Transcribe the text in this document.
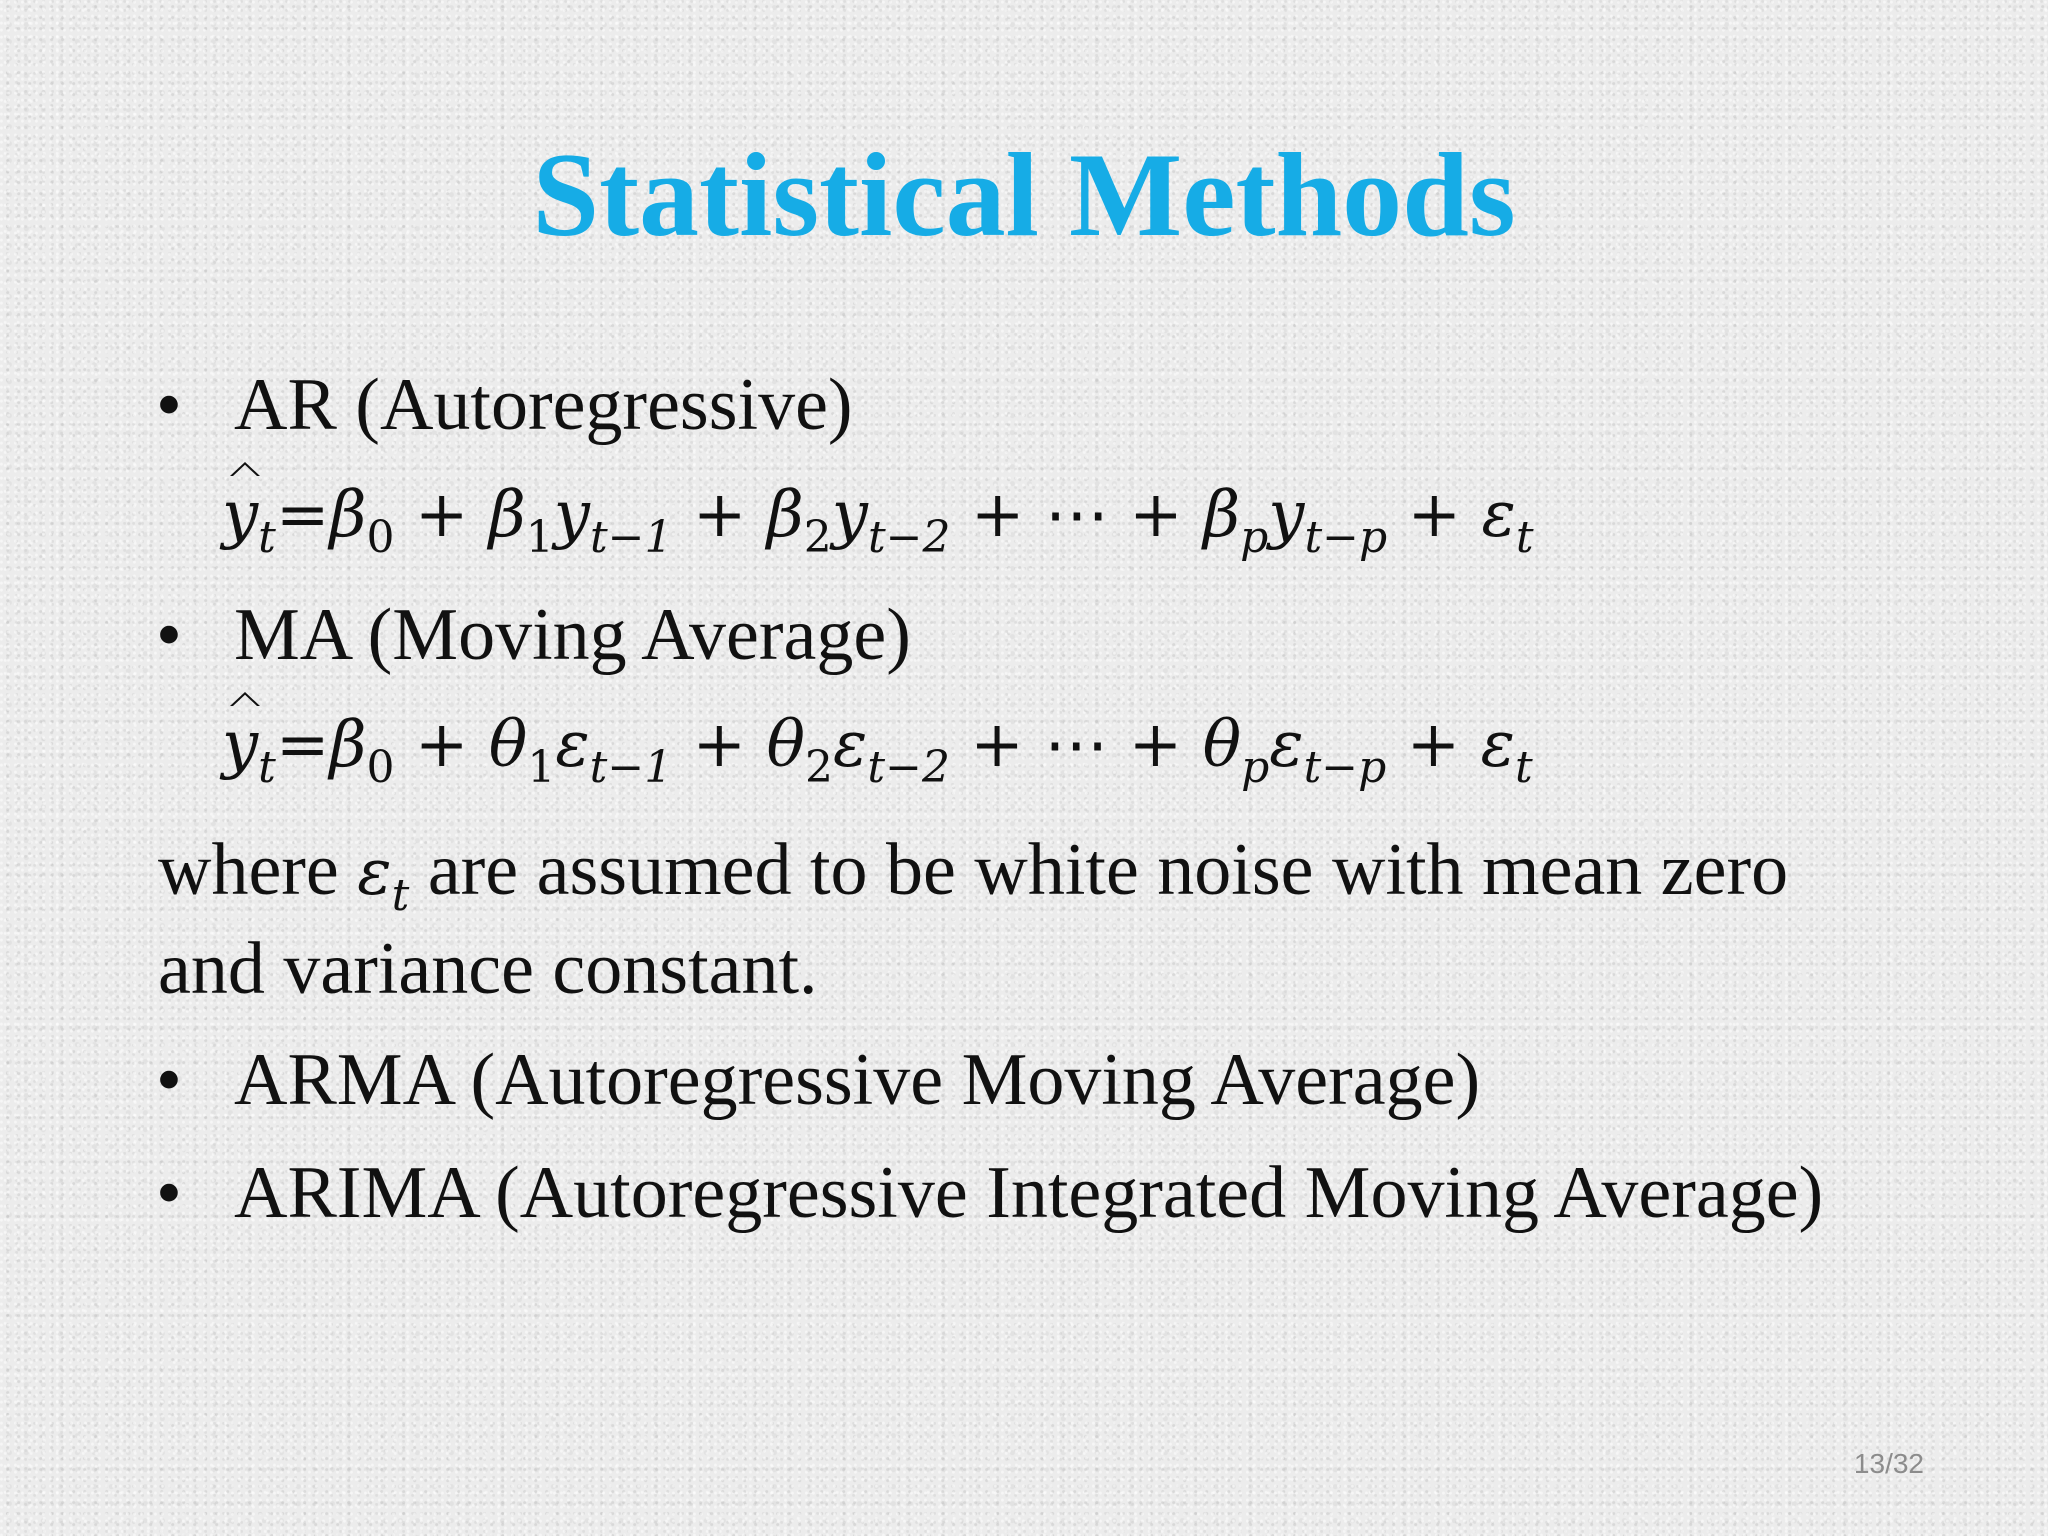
Statistical Methods
• AR (Autoregressive)
$y_t=\beta_0 + \beta_1y_{t-1} + \beta_2y_{t-2}$ + ⋯ + $\beta_py_{t-p} + \varepsilon_t$
• MA (Moving Average)
$y_t=\beta_0 + \theta_1\varepsilon_{t-1} + \theta_2\varepsilon_{t-2}$ + ⋯ + $\theta_p\varepsilon_{t-p} + \varepsilon_t$
where $\varepsilon_t$ are assumed to be white noise with mean zero
and variance constant.
• ARMA (Autoregressive Moving Average)
• ARIMA (Autoregressive Integrated Moving Average)
13/32
